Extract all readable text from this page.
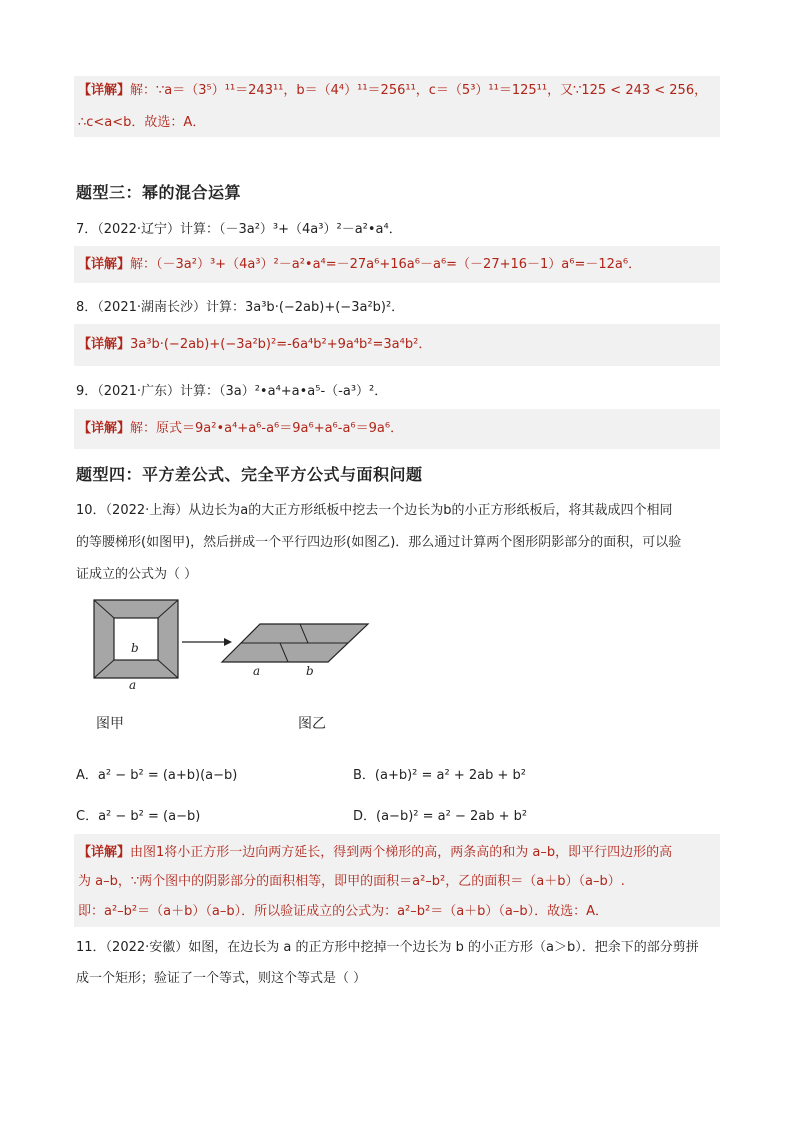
【详解】解：∵a＝（3⁵）¹¹＝243¹¹，b＝（4⁴）¹¹＝256¹¹，c＝（5³）¹¹＝125¹¹，又∵125 < 243 < 256，
∴c<a<b．故选：A．
题型三：幂的混合运算
7．（2022·辽宁）计算：（－3a²）³+（4a³）²－a²•a⁴．
【详解】解：（－3a²）³+（4a³）²－a²•a⁴=－27a⁶+16a⁶－a⁶=（－27+16－1）a⁶=－12a⁶．
8．（2021·湖南长沙）计算：3a³b·(−2ab)+(−3a²b)²．
【详解】3a³b·(−2ab)+(−3a²b)²=-6a⁴b²+9a⁴b²=3a⁴b²．
9．（2021·广东）计算：（3a）²•a⁴+a•a⁵-（-a³）²．
【详解】解：原式＝9a²•a⁴+a⁶-a⁶＝9a⁶+a⁶-a⁶＝9a⁶．
题型四：平方差公式、完全平方公式与面积问题
10．（2022·上海）从边长为a的大正方形纸板中挖去一个边长为b的小正方形纸板后，将其裁成四个相同
的等腰梯形(如图甲)，然后拼成一个平行四边形(如图乙)．那么通过计算两个图形阴影部分的面积，可以验
证成立的公式为（ ）
b
a
a	b
图甲	图乙
A．a² − b² = (a+b)(a−b)	B．(a+b)² = a² + 2ab + b²
C．a² − b² = (a−b)	D．(a−b)² = a² − 2ab + b²
【详解】由图1将小正方形一边向两方延长，得到两个梯形的高，两条高的和为 a–b，即平行四边形的高
为 a–b，∵两个图中的阴影部分的面积相等，即甲的面积＝a²–b²，乙的面积＝（a＋b）（a–b）.
即：a²–b²＝（a＋b）（a–b）．所以验证成立的公式为：a²–b²＝（a＋b）（a–b）．故选：A．
11．（2022·安徽）如图，在边长为 a 的正方形中挖掉一个边长为 b 的小正方形（a＞b）．把余下的部分剪拼
成一个矩形；验证了一个等式，则这个等式是（ ）
